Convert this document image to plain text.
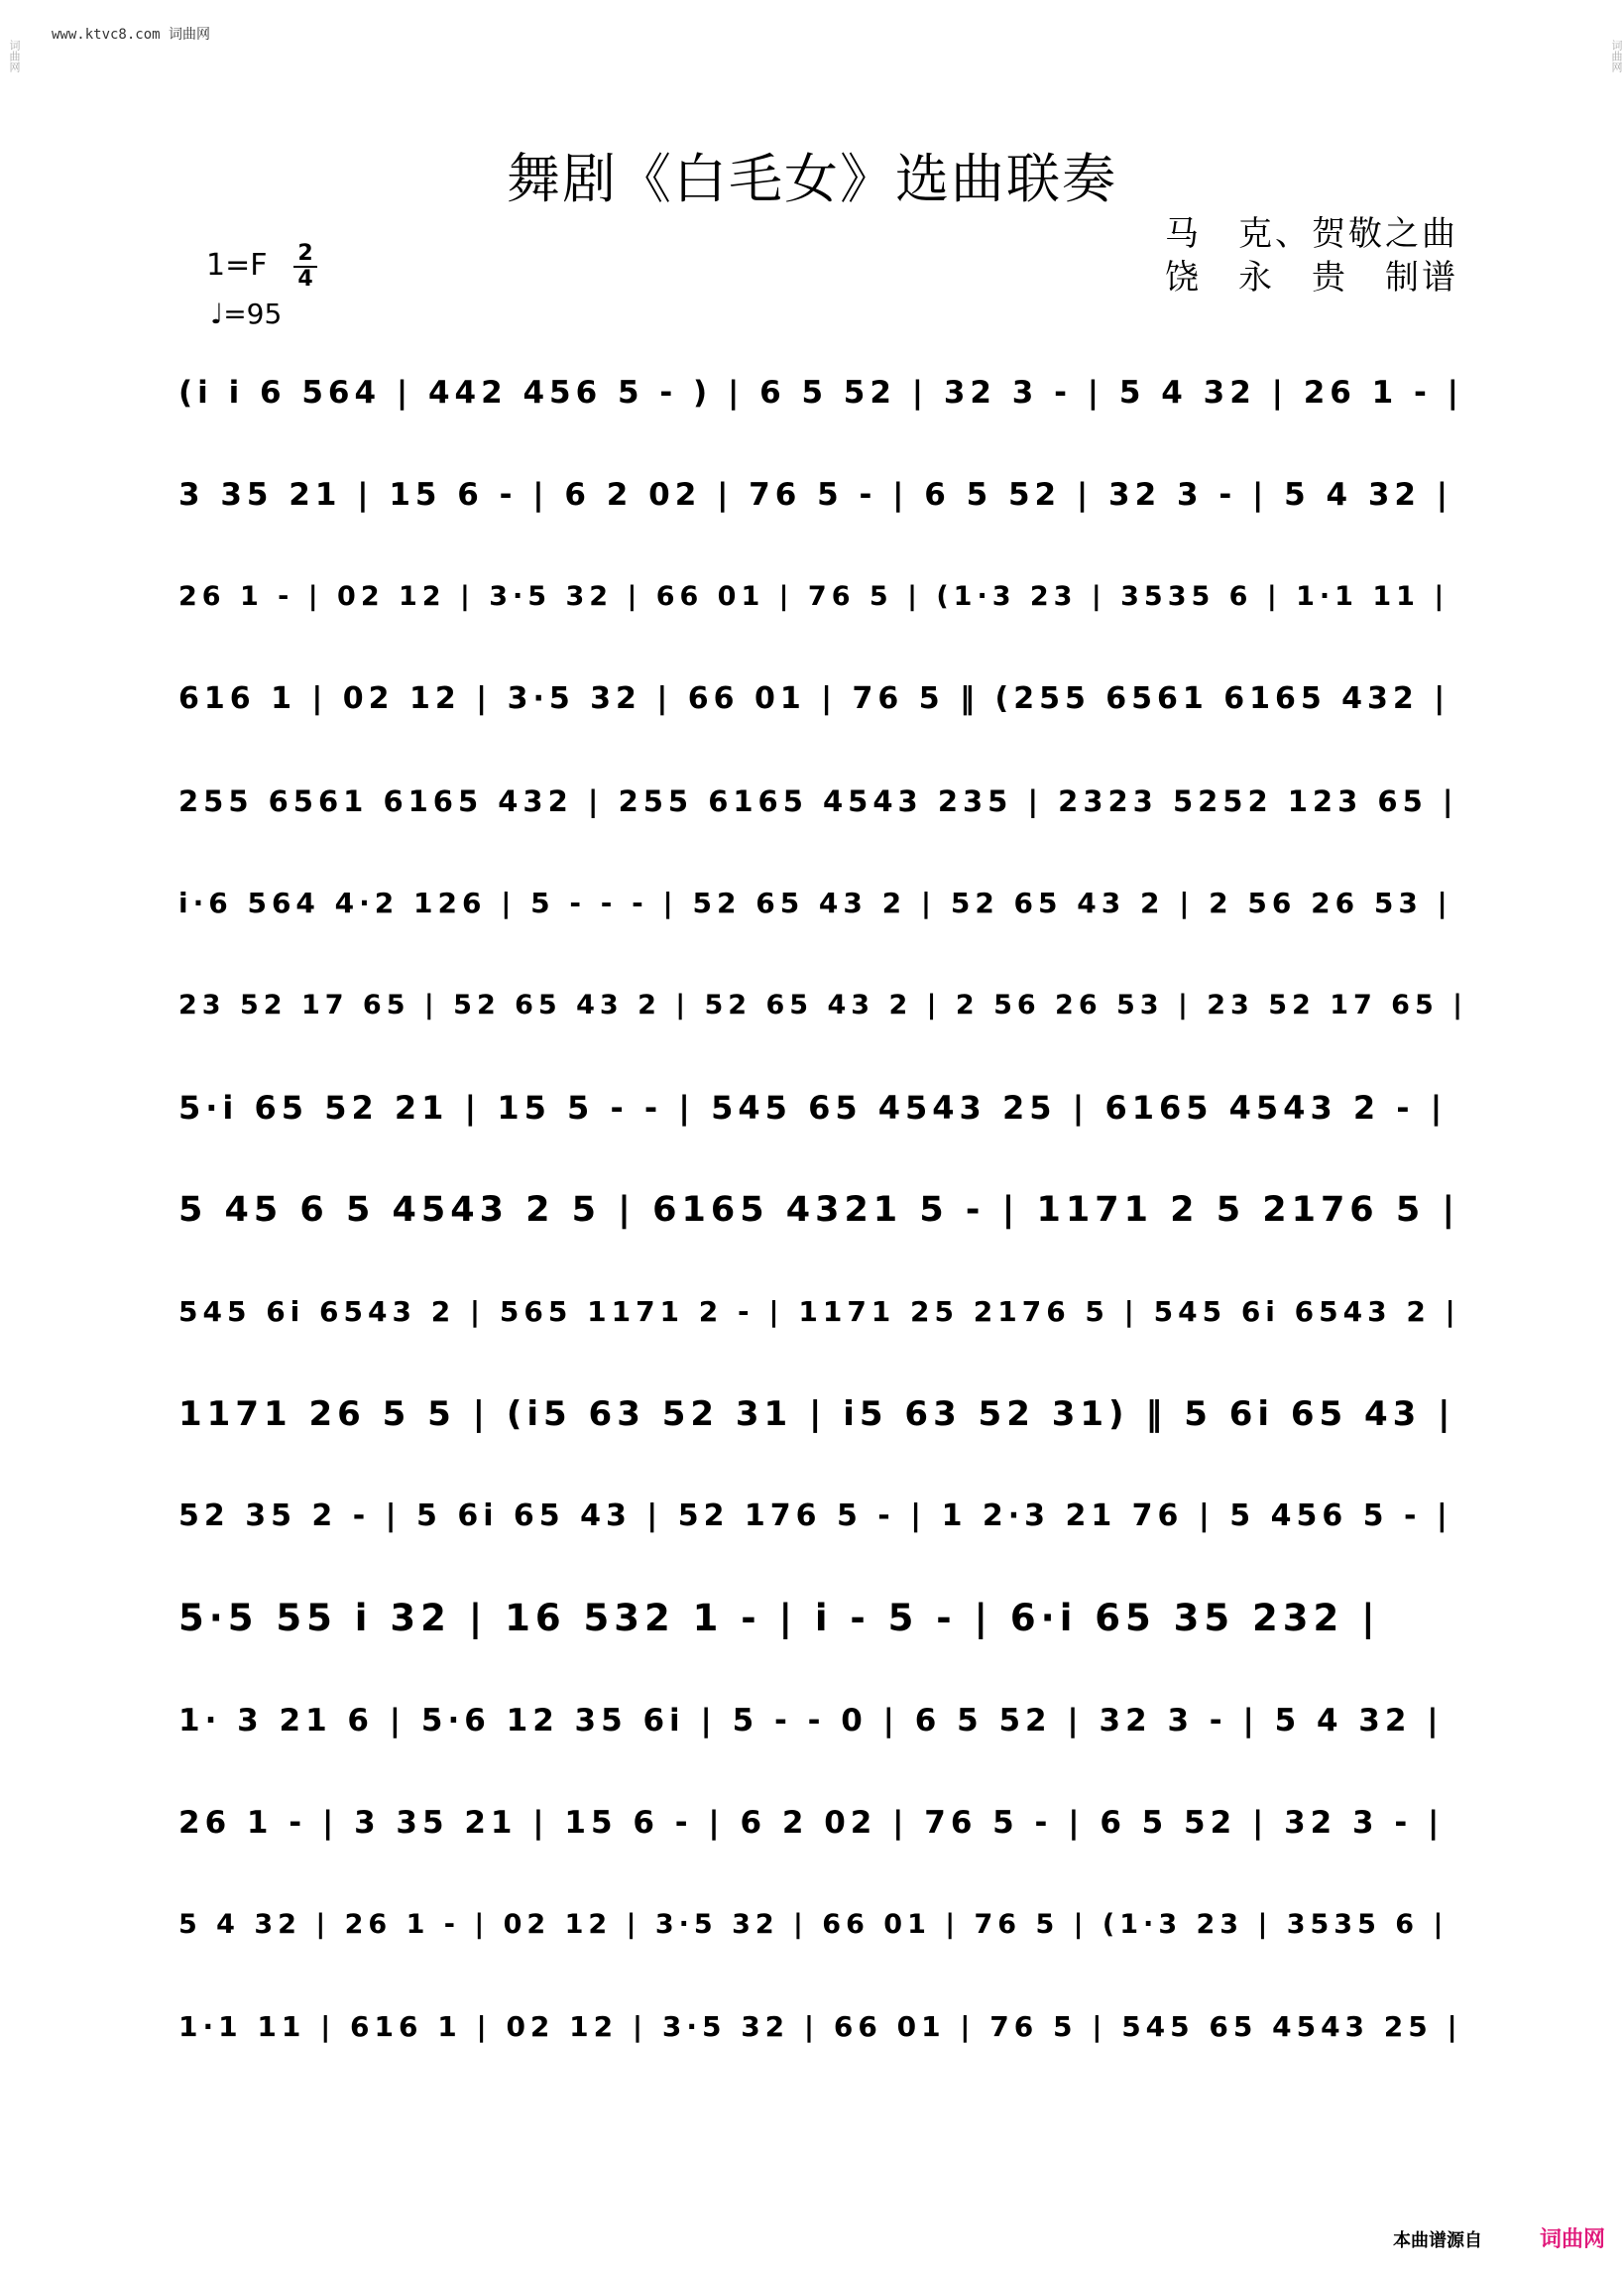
词曲网	词曲网
www.ktvc8.com 词曲网
舞剧《白毛女》选曲联奏
马　克、贺敬之曲
饶　永　贵　制谱
1=F 2
4
♩=95
(i i 6 564 | 442 456 5 - ) | 6 5 52 | 32 3 - | 5 4 32 | 26 1 - |
3 35 21 | 15 6 - | 6 2 02 | 76 5 - | 6 5 52 | 32 3 - | 5 4 32 |
26 1 - | 02 12 | 3·5 32 | 66 01 | 76 5 | (1·3 23 | 3535 6 | 1·1 11 |
616 1 | 02 12 | 3·5 32 | 66 01 | 76 5 ‖ (255 6561 6165 432 |
255 6561 6165 432 | 255 6165 4543 235 | 2323 5252 123 65 |
i·6 564 4·2 126 | 5 - - - | 52 65 43 2 | 52 65 43 2 | 2 56 26 53 |
23 52 17 65 | 52 65 43 2 | 52 65 43 2 | 2 56 26 53 | 23 52 17 65 |
5·i 65 52 21 | 15 5 - - | 545 65 4543 25 | 6165 4543 2 - |
5 45 6 5 4543 2 5 | 6165 4321 5 - | 1171 2 5 2176 5 |
545 6i 6543 2 | 565 1171 2 - | 1171 25 2176 5 | 545 6i 6543 2 |
1171 26 5 5 | (i5 63 52 31 | i5 63 52 31) ‖ 5 6i 65 43 |
52 35 2 - | 5 6i 65 43 | 52 176 5 - | 1 2·3 21 76 | 5 456 5 - |
5·5 55 i 32 | 16 532 1 - | i - 5 - | 6·i 65 35 232 |
1· 3 21 6 | 5·6 12 35 6i | 5 - - 0 | 6 5 52 | 32 3 - | 5 4 32 |
26 1 - | 3 35 21 | 15 6 - | 6 2 02 | 76 5 - | 6 5 52 | 32 3 - |
5 4 32 | 26 1 - | 02 12 | 3·5 32 | 66 01 | 76 5 | (1·3 23 | 3535 6 |
1·1 11 | 616 1 | 02 12 | 3·5 32 | 66 01 | 76 5 | 545 65 4543 25 |
本曲谱源自	词曲网
